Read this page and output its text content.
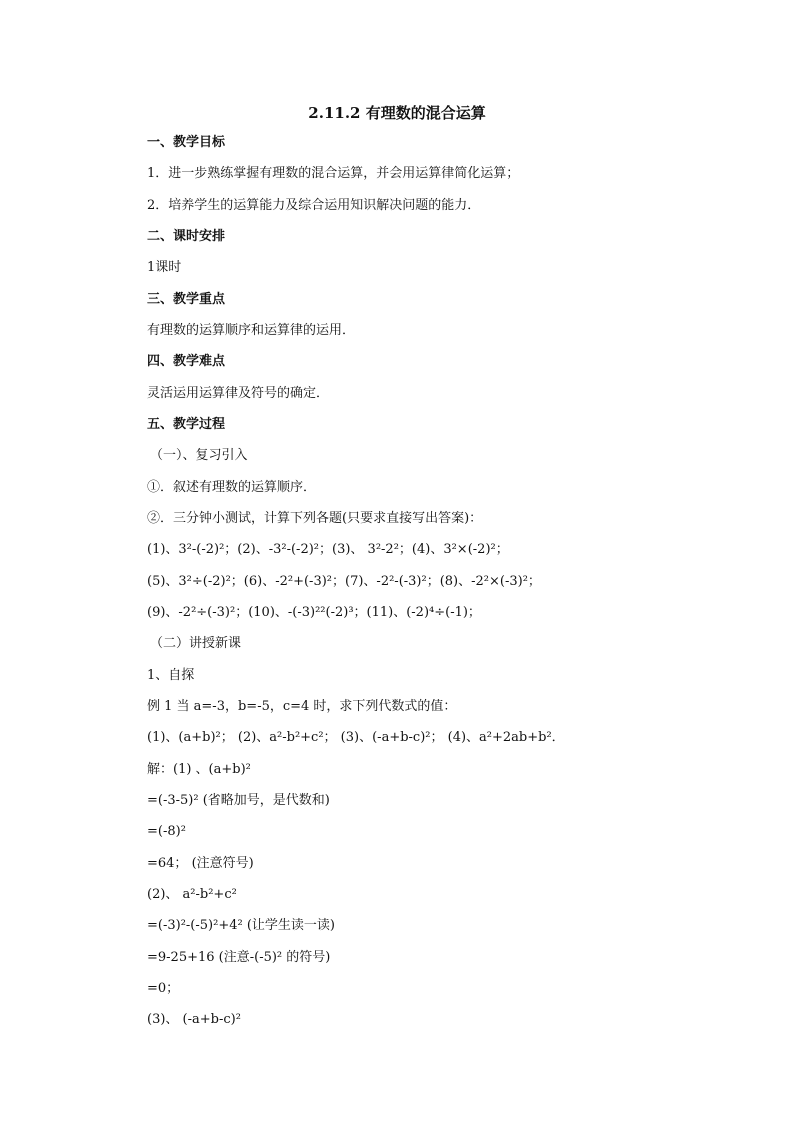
2.11.2 有理数的混合运算
一、教学目标
1．进一步熟练掌握有理数的混合运算，并会用运算律简化运算；
2．培养学生的运算能力及综合运用知识解决问题的能力．
二、课时安排
1课时
三、教学重点
有理数的运算顺序和运算律的运用．
四、教学难点
灵活运用运算律及符号的确定．
五、教学过程
（一）、复习引入
①．叙述有理数的运算顺序．
②．三分钟小测试，计算下列各题(只要求直接写出答案)：
(1)、3²-(-2)²；(2)、-3²-(-2)²；(3)、 3²-2²；(4)、3²×(-2)²；
(5)、3²÷(-2)²；(6)、-2²+(-3)²；(7)、-2²-(-3)²；(8)、-2²×(-3)²；
(9)、-2²÷(-3)²；(10)、-(-3)²²(-2)³；(11)、(-2)⁴÷(-1)；
（二）讲授新课
1、自探
例 1 当 a=-3，b=-5，c=4 时，求下列代数式的值：
(1)、(a+b)²； (2)、a²-b²+c²； (3)、(-a+b-c)²； (4)、a²+2ab+b²．
解：(1) 、(a+b)²
=(-3-5)² (省略加号，是代数和)
=(-8)²
=64； (注意符号)
(2)、 a²-b²+c²
=(-3)²-(-5)²+4² (让学生读一读)
=9-25+16 (注意-(-5)² 的符号)
=0；
(3)、 (-a+b-c)²
